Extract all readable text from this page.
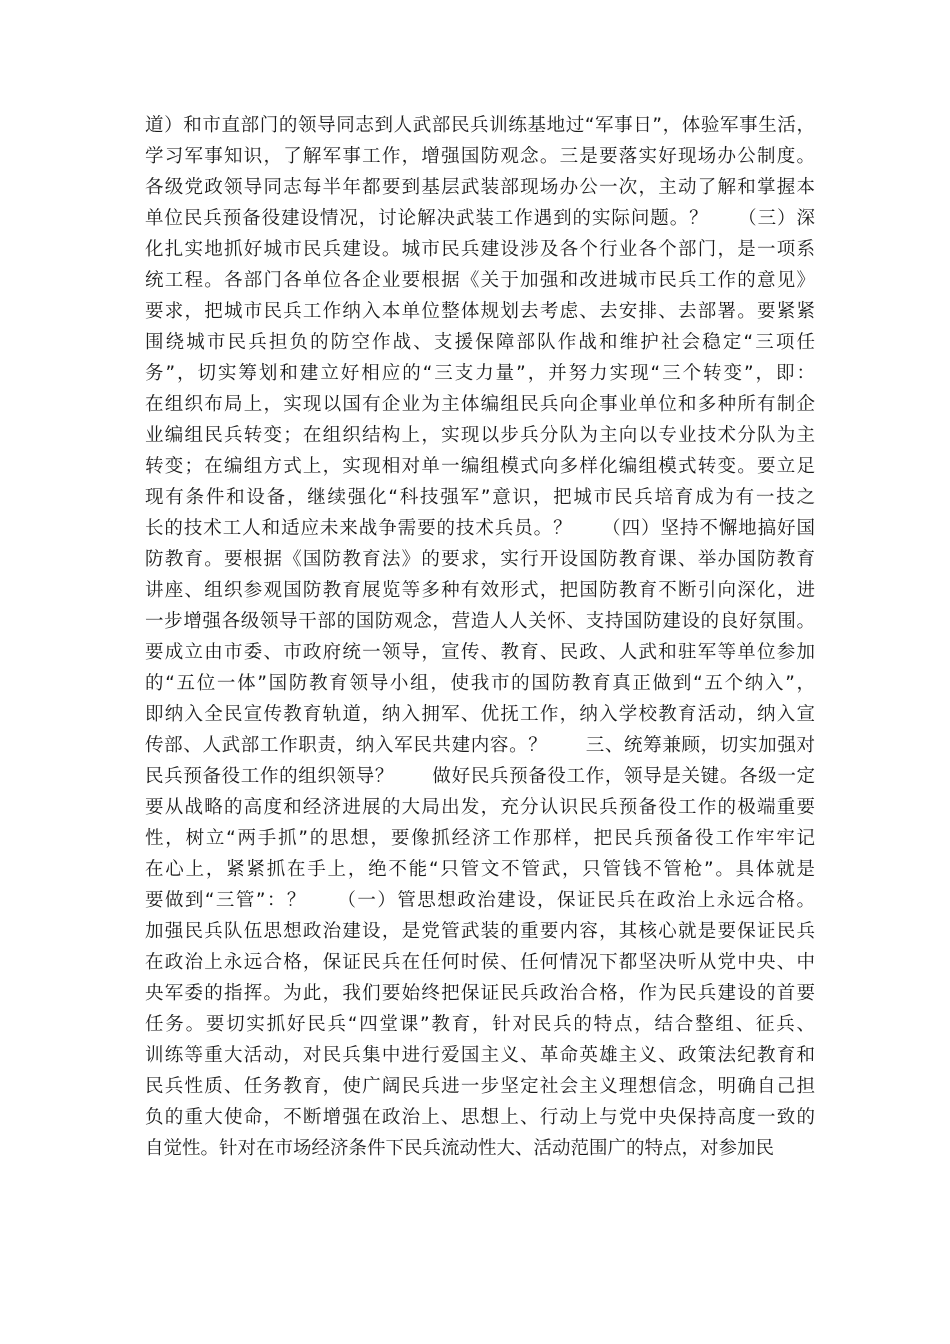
道）和市直部门的领导同志到人武部民兵训练基地过“军事日”，体验军事生活，
学习军事知识，了解军事工作，增强国防观念。三是要落实好现场办公制度。
各级党政领导同志每半年都要到基层武装部现场办公一次，主动了解和掌握本
单位民兵预备役建设情况，讨论解决武装工作遇到的实际问题。？　　（三）深
化扎实地抓好城市民兵建设。城市民兵建设涉及各个行业各个部门，是一项系
统工程。各部门各单位各企业要根据《关于加强和改进城市民兵工作的意见》
要求，把城市民兵工作纳入本单位整体规划去考虑、去安排、去部署。要紧紧
围绕城市民兵担负的防空作战、支援保障部队作战和维护社会稳定“三项任
务”，切实筹划和建立好相应的“三支力量”，并努力实现“三个转变”，即：
在组织布局上，实现以国有企业为主体编组民兵向企事业单位和多种所有制企
业编组民兵转变；在组织结构上，实现以步兵分队为主向以专业技术分队为主
转变；在编组方式上，实现相对单一编组模式向多样化编组模式转变。要立足
现有条件和设备，继续强化“科技强军”意识，把城市民兵培育成为有一技之
长的技术工人和适应未来战争需要的技术兵员。？　　（四）坚持不懈地搞好国
防教育。要根据《国防教育法》的要求，实行开设国防教育课、举办国防教育
讲座、组织参观国防教育展览等多种有效形式，把国防教育不断引向深化，进
一步增强各级领导干部的国防观念，营造人人关怀、支持国防建设的良好氛围。
要成立由市委、市政府统一领导，宣传、教育、民政、人武和驻军等单位参加
的“五位一体”国防教育领导小组，使我市的国防教育真正做到“五个纳入”，
即纳入全民宣传教育轨道，纳入拥军、优抚工作，纳入学校教育活动，纳入宣
传部、人武部工作职责，纳入军民共建内容。？　　三、统筹兼顾，切实加强对
民兵预备役工作的组织领导？　　做好民兵预备役工作，领导是关键。各级一定
要从战略的高度和经济进展的大局出发，充分认识民兵预备役工作的极端重要
性，树立“两手抓”的思想，要像抓经济工作那样，把民兵预备役工作牢牢记
在心上，紧紧抓在手上，绝不能“只管文不管武，只管钱不管枪”。具体就是
要做到“三管”：？　　（一）管思想政治建设，保证民兵在政治上永远合格。
加强民兵队伍思想政治建设，是党管武装的重要内容，其核心就是要保证民兵
在政治上永远合格，保证民兵在任何时侯、任何情况下都坚决听从党中央、中
央军委的指挥。为此，我们要始终把保证民兵政治合格，作为民兵建设的首要
任务。要切实抓好民兵“四堂课”教育，针对民兵的特点，结合整组、征兵、
训练等重大活动，对民兵集中进行爱国主义、革命英雄主义、政策法纪教育和
民兵性质、任务教育，使广阔民兵进一步坚定社会主义理想信念，明确自己担
负的重大使命，不断增强在政治上、思想上、行动上与党中央保持高度一致的
自觉性。针对在市场经济条件下民兵流动性大、活动范围广的特点，对参加民
